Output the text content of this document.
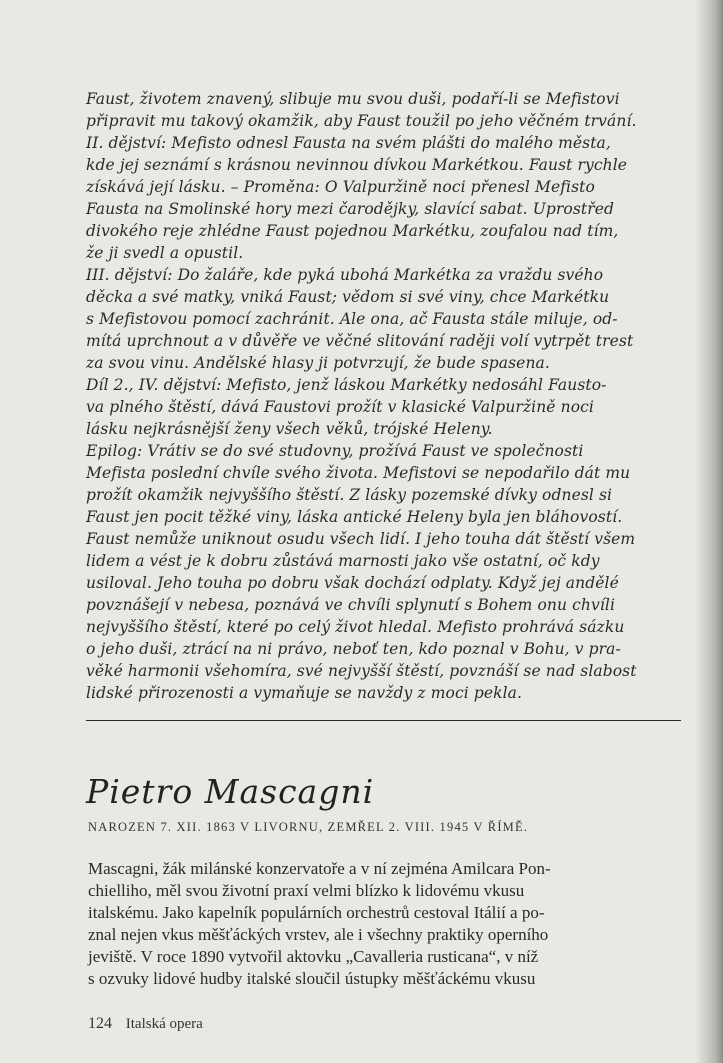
Faust, životem znavený, slibuje mu svou duši, podaří-li se Mefistovi
připravit mu takový okamžik, aby Faust toužil po jeho věčném trvání.
II. dějství: Mefisto odnesl Fausta na svém plášti do malého města,
kde jej seznámí s krásnou nevinnou dívkou Markétkou. Faust rychle
získává její lásku. – Proměna: O Valpuržině noci přenesl Mefisto
Fausta na Smolinské hory mezi čarodějky, slavící sabat. Uprostřed
divokého reje zhlédne Faust pojednou Markétku, zoufalou nad tím,
že ji svedl a opustil.
III. dějství: Do žaláře, kde pyká ubohá Markétka za vraždu svého
děcka a své matky, vniká Faust; vědom si své viny, chce Markétku
s Mefistovou pomocí zachránit. Ale ona, ač Fausta stále miluje, od-
mítá uprchnout a v důvěře ve věčné slitování raději volí vytrpět trest
za svou vinu. Andělské hlasy ji potvrzují, že bude spasena.
Díl 2., IV. dějství: Mefisto, jenž láskou Markétky nedosáhl Fausto-
va plného štěstí, dává Faustovi prožít v klasické Valpuržině noci
lásku nejkrásnější ženy všech věků, trójské Heleny.
Epilog: Vrátiv se do své studovny, prožívá Faust ve společnosti
Mefista poslední chvíle svého života. Mefistovi se nepodařilo dát mu
prožít okamžik nejvyššího štěstí. Z lásky pozemské dívky odnesl si
Faust jen pocit těžké viny, láska antické Heleny byla jen bláhovostí.
Faust nemůže uniknout osudu všech lidí. I jeho touha dát štěstí všem
lidem a vést je k dobru zůstává marnosti jako vše ostatní, oč kdy
usiloval. Jeho touha po dobru však dochází odplaty. Když jej andělé
povznášejí v nebesa, poznává ve chvíli splynutí s Bohem onu chvíli
nejvyššího štěstí, které po celý život hledal. Mefisto prohrává sázku
o jeho duši, ztrácí na ni právo, neboť ten, kdo poznal v Bohu, v pra-
věké harmonii všehomíra, své nejvyšší štěstí, povznáší se nad slabost
lidské přirozenosti a vymaňuje se navždy z moci pekla.
Pietro Mascagni
NAROZEN 7. XII. 1863 V LIVORNU, ZEMŘEL 2. VIII. 1945 V ŘÍMĚ.
Mascagni, žák milánské konzervatoře a v ní zejména Amilcara Pon-
chielliho, měl svou životní praxí velmi blízko k lidovému vkusu
italskému. Jako kapelník populárních orchestrů cestoval Itálií a po-
znal nejen vkus měšťáckých vrstev, ale i všechny praktiky operního
jeviště. V roce 1890 vytvořil aktovku „Cavalleria rusticana“, v níž
s ozvuky lidové hudby italské sloučil ústupky měšťáckému vkusu
124 Italská opera
